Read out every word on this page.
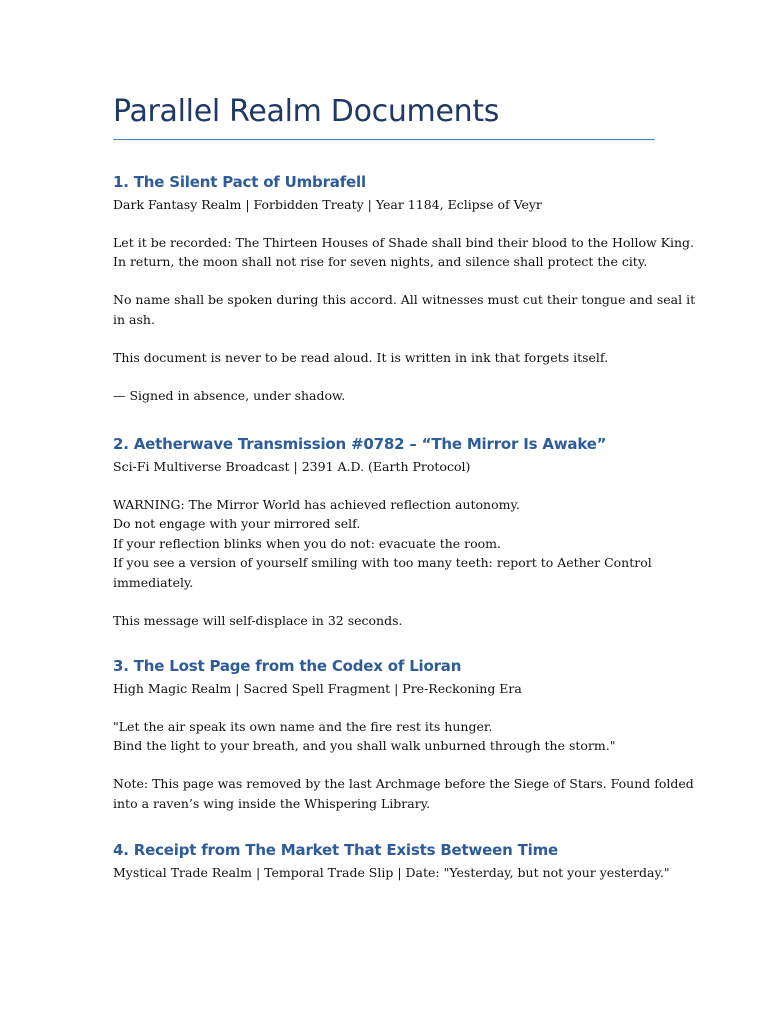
Parallel Realm Documents
1. The Silent Pact of Umbrafell
Dark Fantasy Realm | Forbidden Treaty | Year 1184, Eclipse of Veyr

Let it be recorded: The Thirteen Houses of Shade shall bind their blood to the Hollow King.
In return, the moon shall not rise for seven nights, and silence shall protect the city.

No name shall be spoken during this accord. All witnesses must cut their tongue and seal it
in ash.

This document is never to be read aloud. It is written in ink that forgets itself.

— Signed in absence, under shadow.

2. Aetherwave Transmission #0782 – “The Mirror Is Awake”
Sci-Fi Multiverse Broadcast | 2391 A.D. (Earth Protocol)

WARNING: The Mirror World has achieved reflection autonomy.
Do not engage with your mirrored self.
If your reflection blinks when you do not: evacuate the room.
If you see a version of yourself smiling with too many teeth: report to Aether Control
immediately.

This message will self-displace in 32 seconds.

3. The Lost Page from the Codex of Lioran
High Magic Realm | Sacred Spell Fragment | Pre-Reckoning Era

"Let the air speak its own name and the fire rest its hunger.
Bind the light to your breath, and you shall walk unburned through the storm."

Note: This page was removed by the last Archmage before the Siege of Stars. Found folded
into a raven’s wing inside the Whispering Library.

4. Receipt from The Market That Exists Between Time
Mystical Trade Realm | Temporal Trade Slip | Date: "Yesterday, but not your yesterday."
